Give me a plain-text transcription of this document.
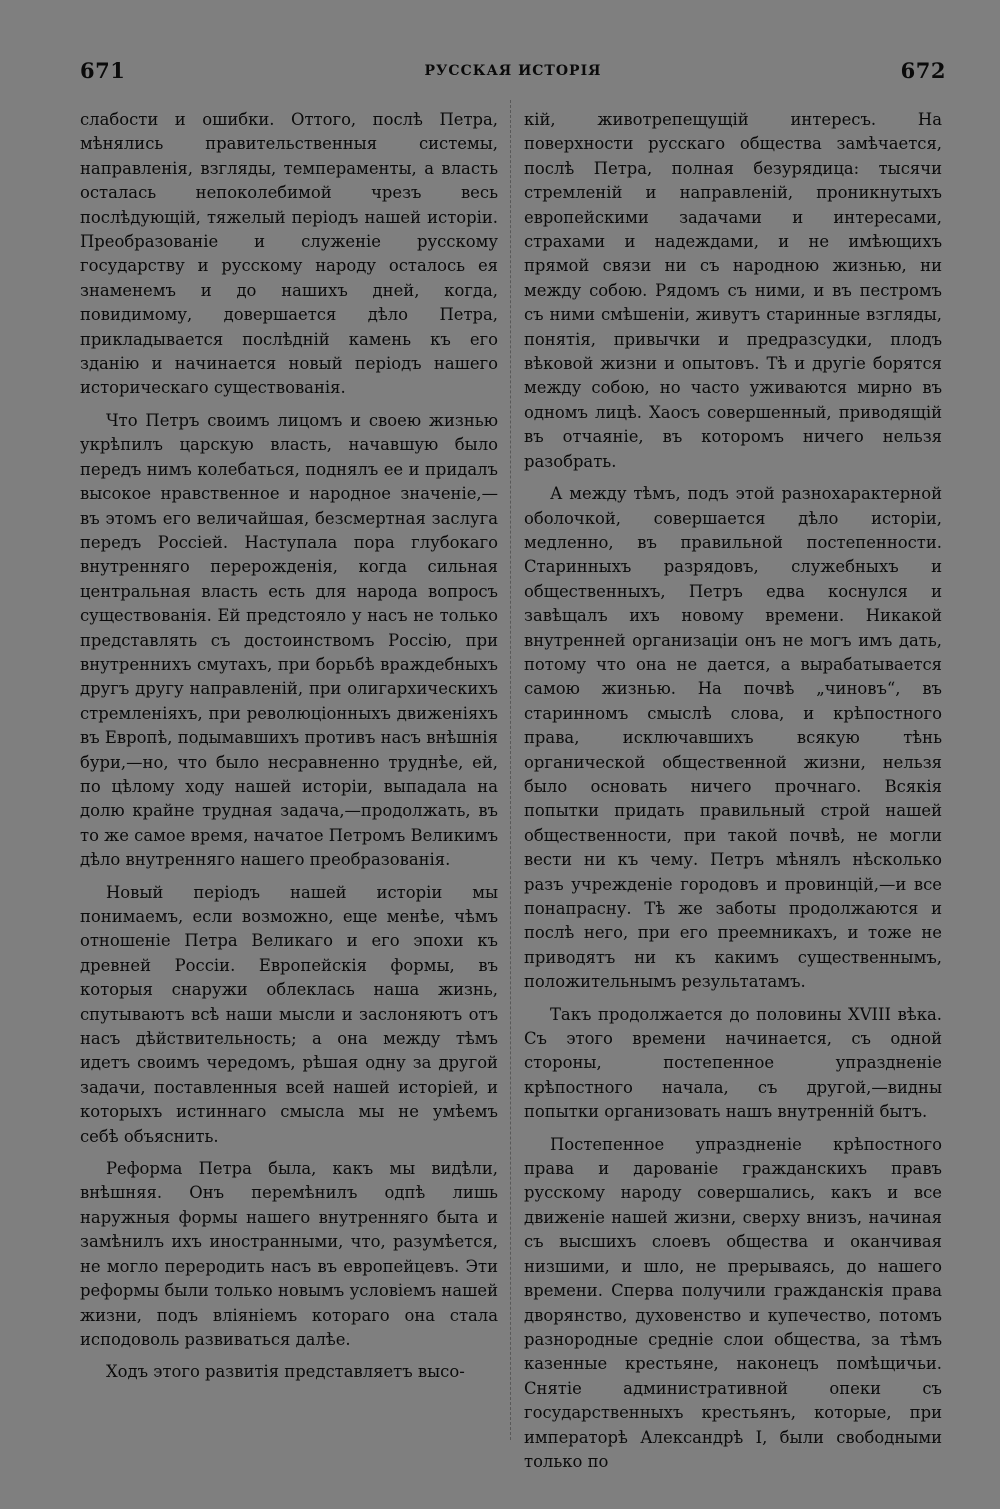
671	РУССКАЯ ИСТОРІЯ	672

слабости и ошибки. Оттого, послѣ Петра, мѣнялись правительственныя системы, направленія, взгляды, темпераменты, а власть осталась непоколебимой чрезъ весь послѣдующій, тяжелый періодъ нашей исторіи. Преобразованіе и служеніе русскому государству и русскому народу осталось ея знаменемъ и до нашихъ дней, когда, повидимому, довершается дѣло Петра, прикладывается послѣдній камень къ его зданію и начинается новый періодъ нашего историческаго существованія.

Что Петръ своимъ лицомъ и своею жизнью укрѣпилъ царскую власть, начавшую было передъ нимъ колебаться, поднялъ ее и придалъ высокое нравственное и народное значеніе,—въ этомъ его величайшая, безсмертная заслуга передъ Россіей. Наступала пора глубокаго внутренняго перерожденія, когда сильная центральная власть есть для народа вопросъ существованія. Ей предстояло у насъ не только представлять съ достоинствомъ Россію, при внутреннихъ смутахъ, при борьбѣ враждебныхъ другъ другу направленій, при олигархическихъ стремленіяхъ, при революціонныхъ движеніяхъ въ Европѣ, подымавшихъ противъ насъ внѣшнія бури,—но, что было несравненно труднѣе, ей, по цѣлому ходу нашей исторіи, выпадала на долю крайне трудная задача,—продолжать, въ то же самое время, начатое Петромъ Великимъ дѣло внутренняго нашего преобразованія.

Новый періодъ нашей исторіи мы понимаемъ, если возможно, еще менѣе, чѣмъ отношеніе Петра Великаго и его эпохи къ древней Россіи. Европейскія формы, въ которыя снаружи облеклась наша жизнь, спутываютъ всѣ наши мысли и заслоняютъ отъ насъ дѣйствительность; а она между тѣмъ идетъ своимъ чередомъ, рѣшая одну за другой задачи, поставленныя всей нашей исторіей, и которыхъ истиннаго смысла мы не умѣемъ себѣ объяснить.

Реформа Петра была, какъ мы видѣли, внѣшняя. Онъ перемѣнилъ одпѣ лишь наружныя формы нашего внутренняго быта и замѣнилъ ихъ иностранными, что, разумѣется, не могло переродить насъ въ европейцевъ. Эти реформы были только новымъ условіемъ нашей жизни, подъ вліяніемъ котораго она стала исподоволь развиваться далѣе.

Ходъ этого развитія представляетъ высо-

кій, животрепещущій интересъ. На поверхности русскаго общества замѣчается, послѣ Петра, полная безурядица: тысячи стремленій и направленій, проникнутыхъ европейскими задачами и интересами, страхами и надеждами, и не имѣющихъ прямой связи ни съ народною жизнью, ни между собою. Рядомъ съ ними, и въ пестромъ съ ними смѣшеніи, живутъ старинные взгляды, понятія, привычки и предразсудки, плодъ вѣковой жизни и опытовъ. Тѣ и другіе борятся между собою, но часто уживаются мирно въ одномъ лицѣ. Хаосъ совершенный, приводящій въ отчаяніе, въ которомъ ничего нельзя разобрать.

А между тѣмъ, подъ этой разнохарактерной оболочкой, совершается дѣло исторіи, медленно, въ правильной постепенности. Старинныхъ разрядовъ, служебныхъ и общественныхъ, Петръ едва коснулся и завѣщалъ ихъ новому времени. Никакой внутренней организаціи онъ не могъ имъ дать, потому что она не дается, а вырабатывается самою жизнью. На почвѣ „чиновъ“, въ старинномъ смыслѣ слова, и крѣпостного права, исключавшихъ всякую тѣнь органической общественной жизни, нельзя было основать ничего прочнаго. Всякія попытки придать правильный строй нашей общественности, при такой почвѣ, не могли вести ни къ чему. Петръ мѣнялъ нѣсколько разъ учрежденіе городовъ и провинцій,—и все понапрасну. Тѣ же заботы продолжаются и послѣ него, при его преемникахъ, и тоже не приводятъ ни къ какимъ существеннымъ, положительнымъ результатамъ.

Такъ продолжается до половины XVIII вѣка. Съ этого времени начинается, съ одной стороны, постепенное упраздненіе крѣпостного начала, съ другой,—видны попытки организовать нашъ внутренній бытъ.

Постепенное упраздненіе крѣпостного права и дарованіе гражданскихъ правъ русскому народу совершались, какъ и все движеніе нашей жизни, сверху внизъ, начиная съ высшихъ слоевъ общества и оканчивая низшими, и шло, не прерываясь, до нашего времени. Сперва получили гражданскія права дворянство, духовенство и купечество, потомъ разнородные средніе слои общества, за тѣмъ казенные крестьяне, наконецъ помѣщичьи. Снятіе административной опеки съ государственныхъ крестьянъ, которые, при императорѣ Александрѣ I, были свободными только по
